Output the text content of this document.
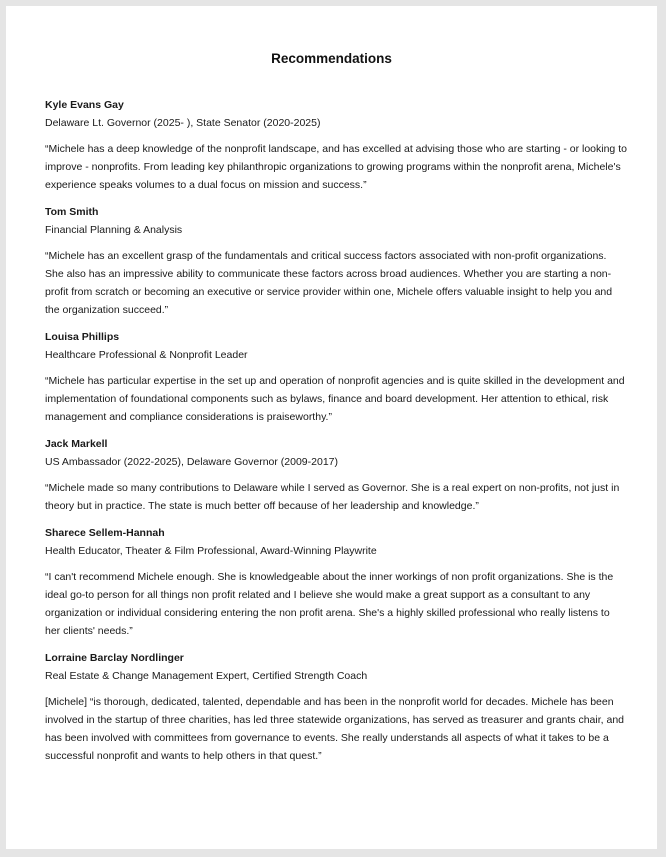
Recommendations
Kyle Evans Gay
Delaware Lt. Governor (2025- ), State Senator (2020-2025)
“Michele has a deep knowledge of the nonprofit landscape, and has excelled at advising those who are starting - or looking to improve - nonprofits. From leading key philanthropic organizations to growing programs within the nonprofit arena, Michele's experience speaks volumes to a dual focus on mission and success.”
Tom Smith
Financial Planning & Analysis
“Michele has an excellent grasp of the fundamentals and critical success factors associated with non-profit organizations. She also has an impressive ability to communicate these factors across broad audiences. Whether you are starting a non-profit from scratch or becoming an executive or service provider within one, Michele offers valuable insight to help you and the organization succeed.”
Louisa Phillips
Healthcare Professional & Nonprofit Leader
“Michele has particular expertise in the set up and operation of nonprofit agencies and is quite skilled in the development and implementation of foundational components such as bylaws, finance and board development. Her attention to ethical, risk management and compliance considerations is praiseworthy.”
Jack Markell
US Ambassador (2022-2025), Delaware Governor (2009-2017)
“Michele made so many contributions to Delaware while I served as Governor. She is a real expert on non-profits, not just in theory but in practice. The state is much better off because of her leadership and knowledge.”
Sharece Sellem-Hannah
Health Educator, Theater & Film Professional, Award-Winning Playwrite
“I can't recommend Michele enough. She is knowledgeable about the inner workings of non profit organizations. She is the ideal go-to person for all things non profit related and I believe she would make a great support as a consultant to any organization or individual considering entering the non profit arena. She's a highly skilled professional who really listens to her clients' needs.”
Lorraine Barclay Nordlinger
Real Estate & Change Management Expert, Certified Strength Coach
[Michele] “is thorough, dedicated, talented, dependable and has been in the nonprofit world for decades. Michele has been involved in the startup of three charities, has led three statewide organizations, has served as treasurer and grants chair, and has been involved with committees from governance to events. She really understands all aspects of what it takes to be a successful nonprofit and wants to help others in that quest.”
